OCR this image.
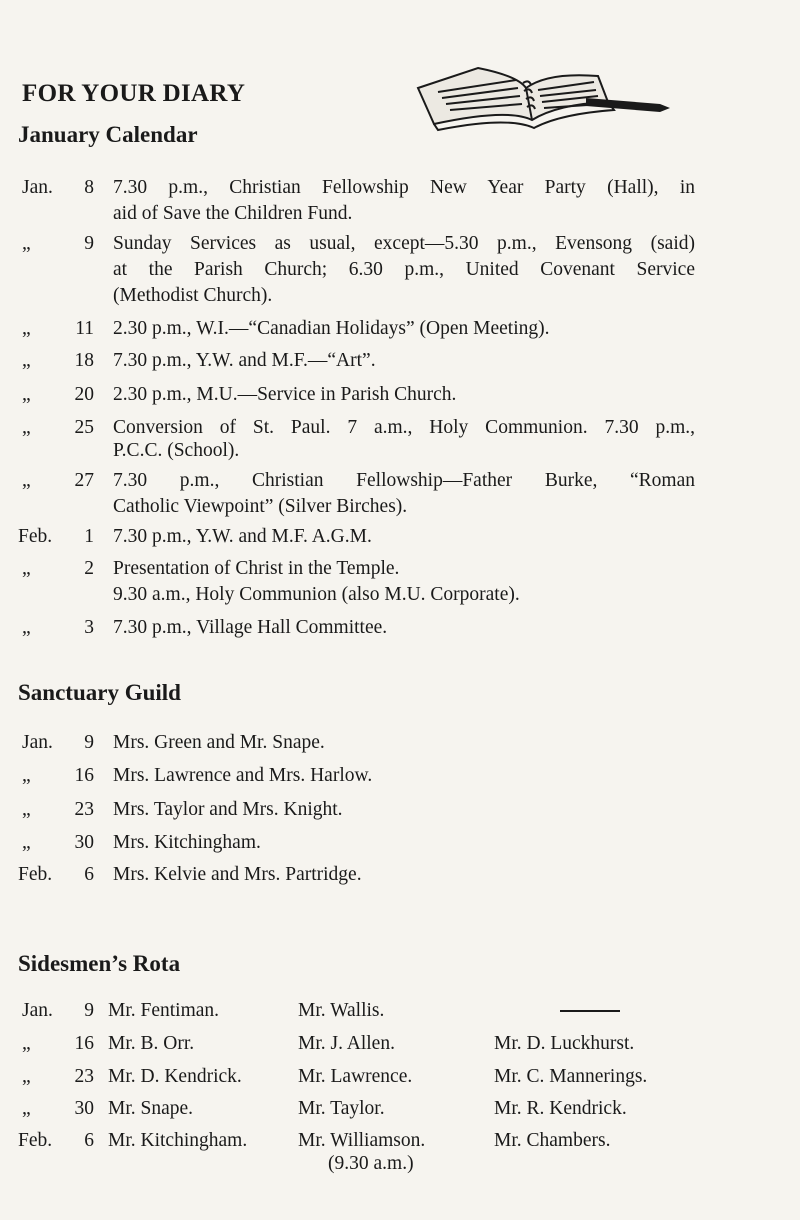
FOR YOUR DIARY
January Calendar
Jan.	8 7.30 p.m., Christian Fellowship New Year Party (Hall), in
aid of Save the Children Fund.
„	9 Sunday Services as usual, except—5.30 p.m., Evensong (said)
at the Parish Church; 6.30 p.m., United Covenant Service
(Methodist Church).
„	11 2.30 p.m., W.I.—“Canadian Holidays” (Open Meeting).
„	18 7.30 p.m., Y.W. and M.F.—“Art”.
„	20 2.30 p.m., M.U.—Service in Parish Church.
„	25 Conversion of St. Paul. 7 a.m., Holy Communion. 7.30 p.m.,
P.C.C. (School).
„	27 7.30 p.m., Christian Fellowship—Father Burke, “Roman
Catholic Viewpoint” (Silver Birches).
Feb.	1 7.30 p.m., Y.W. and M.F. A.G.M.
„	2 Presentation of Christ in the Temple.
9.30 a.m., Holy Communion (also M.U. Corporate).
„	3 7.30 p.m., Village Hall Committee.
Sanctuary Guild
Jan.	9 Mrs. Green and Mr. Snape.
„	16 Mrs. Lawrence and Mrs. Harlow.
„	23 Mrs. Taylor and Mrs. Knight.
„	30 Mrs. Kitchingham.
Feb.	6 Mrs. Kelvie and Mrs. Partridge.
Sidesmen’s Rota
Jan.	9 Mr. Fentiman.	Mr. Wallis.
„	16 Mr. B. Orr.	Mr. J. Allen.	Mr. D. Luckhurst.
„	23 Mr. D. Kendrick.	Mr. Lawrence.	Mr. C. Mannerings.
„	30 Mr. Snape.	Mr. Taylor.	Mr. R. Kendrick.
Feb.	6 Mr. Kitchingham.	Mr. Williamson.	Mr. Chambers.
(9.30 a.m.)
